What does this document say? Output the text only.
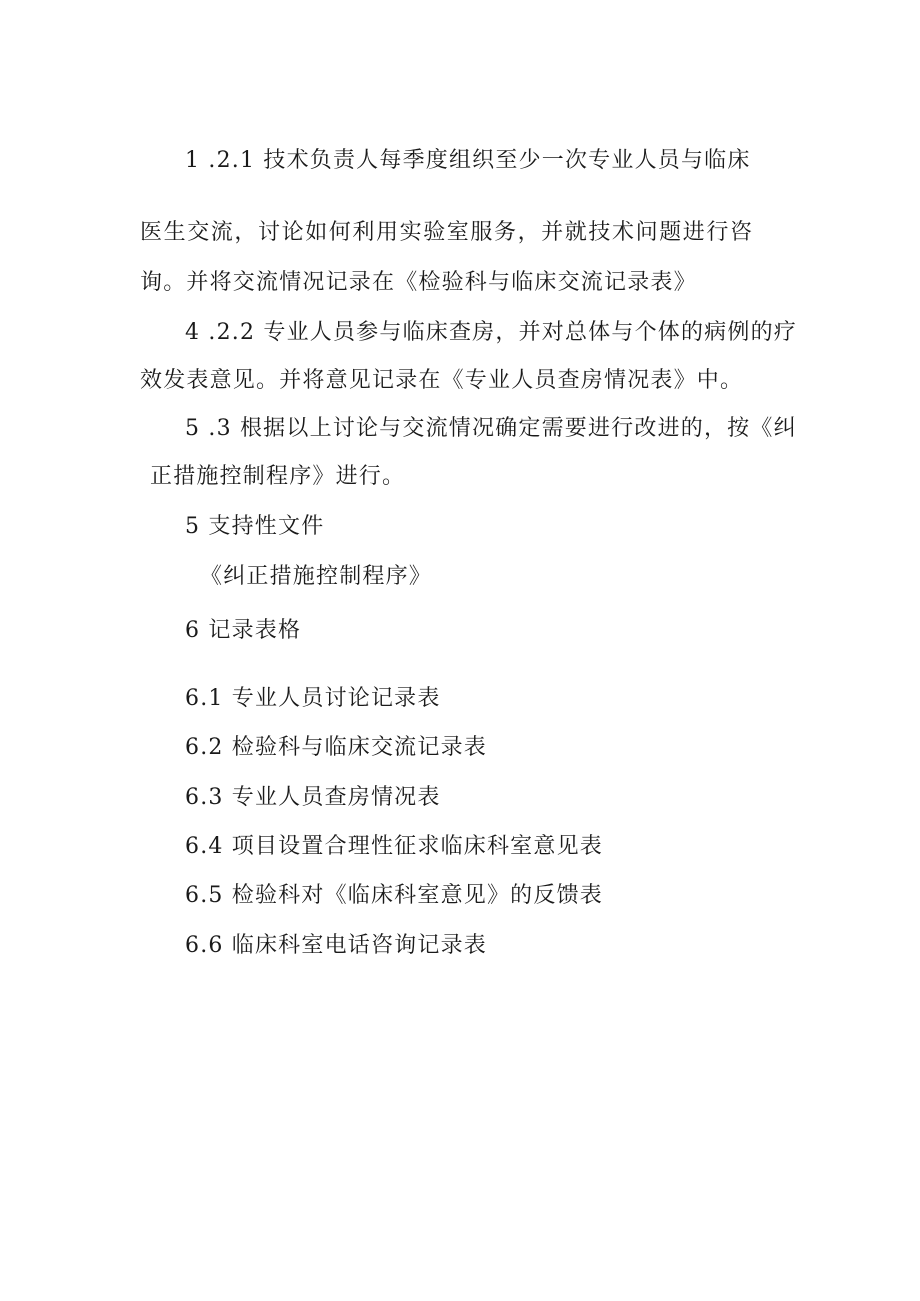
1 .2.1 技术负责人每季度组织至少一次专业人员与临床
医生交流，讨论如何利用实验室服务，并就技术问题进行咨
询。并将交流情况记录在《检验科与临床交流记录表》
4 .2.2 专业人员参与临床查房，并对总体与个体的病例的疗
效发表意见。并将意见记录在《专业人员查房情况表》中。
5 .3 根据以上讨论与交流情况确定需要进行改进的，按《纠
正措施控制程序》进行。
5 支持性文件
《纠正措施控制程序》
6 记录表格
6.1 专业人员讨论记录表
6.2 检验科与临床交流记录表
6.3 专业人员查房情况表
6.4 项目设置合理性征求临床科室意见表
6.5 检验科对《临床科室意见》的反馈表
6.6 临床科室电话咨询记录表
